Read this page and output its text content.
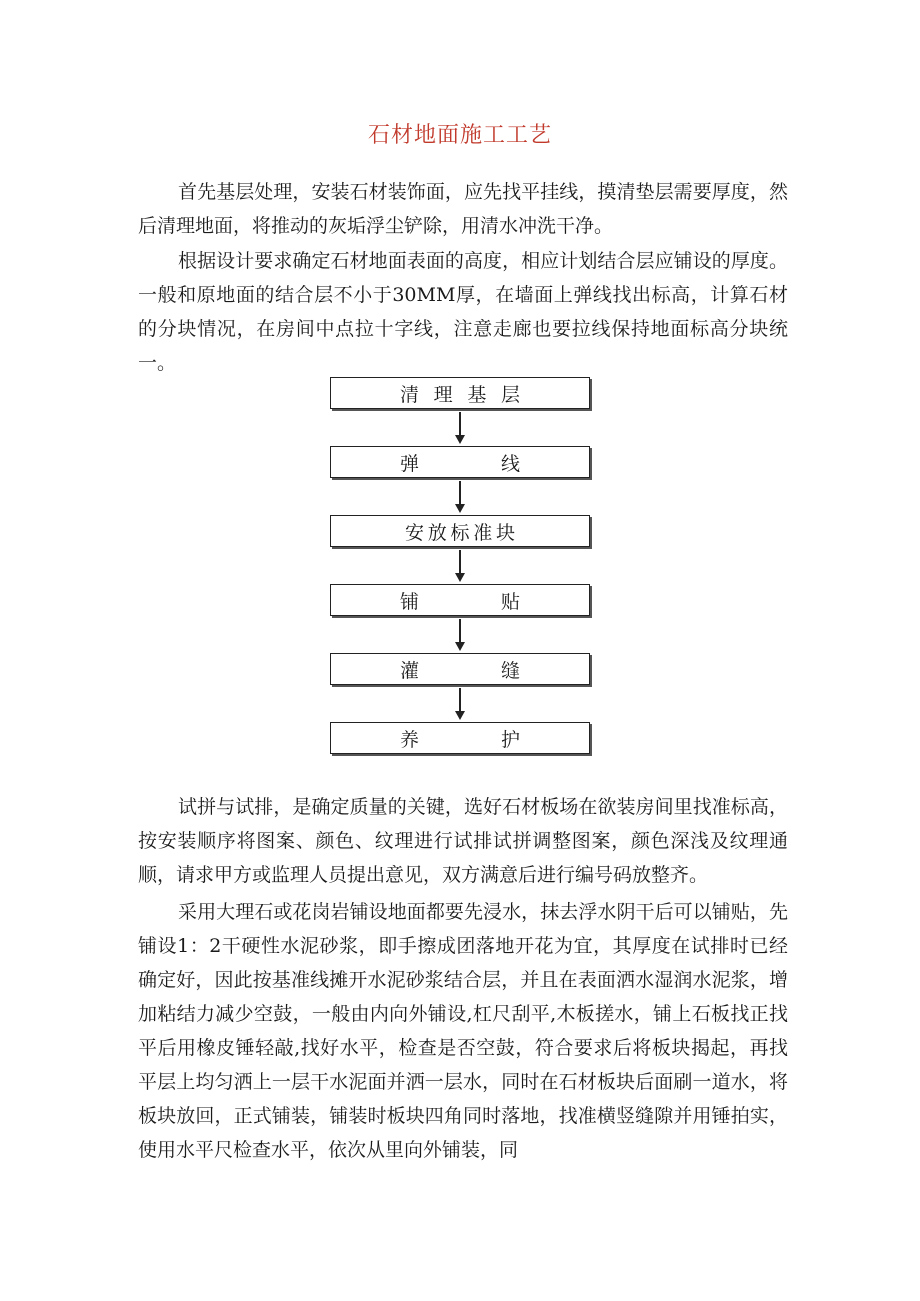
石材地面施工工艺

首先基层处理，安装石材装饰面，应先找平挂线，摸清垫层需要厚度，然后清理地面，将推动的灰垢浮尘铲除，用清水冲洗干净。

根据设计要求确定石材地面表面的高度，相应计划结合层应铺设的厚度。一般和原地面的结合层不小于30MM厚，在墙面上弹线找出标高，计算石材的分块情况，在房间中点拉十字线，注意走廊也要拉线保持地面标高分块统一。

清 理 基 层
弹	线
安 放 标 准 块
铺	贴
灌	缝
养	护

试拼与试排，是确定质量的关键，选好石材板场在欲装房间里找准标高，按安装顺序将图案、颜色、纹理进行试排试拼调整图案，颜色深浅及纹理通顺，请求甲方或监理人员提出意见，双方满意后进行编号码放整齐。

采用大理石或花岗岩铺设地面都要先浸水，抹去浮水阴干后可以铺贴，先铺设1：2干硬性水泥砂浆，即手擦成团落地开花为宜，其厚度在试排时已经确定好，因此按基准线摊开水泥砂浆结合层，并且在表面洒水湿润水泥浆，增加粘结力减少空鼓，一般由内向外铺设,杠尺刮平,木板搓水，铺上石板找正找平后用橡皮锤轻敲,找好水平，检查是否空鼓，符合要求后将板块揭起，再找平层上均匀洒上一层干水泥面并洒一层水，同时在石材板块后面刷一道水，将板块放回，正式铺装，铺装时板块四角同时落地，找准横竖缝隙并用锤拍实，使用水平尺检查水平，依次从里向外铺装，同
